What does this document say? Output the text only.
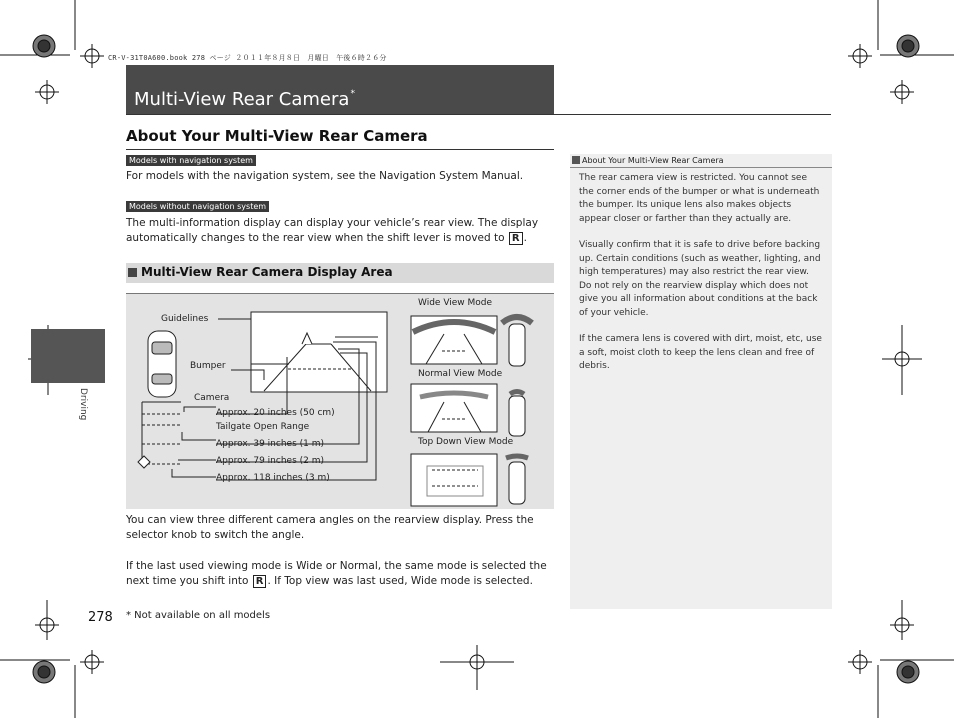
CR-V-31T0A600.book 278 ページ ２０１１年８月８日　月曜日　午後６時２６分
Multi-View Rear Camera*
About Your Multi-View Rear Camera
Models with navigation system
For models with the navigation system, see the Navigation System Manual.
Models without navigation system
The multi-information display can display your vehicle’s rear view. The display automatically changes to the rear view when the shift lever is moved to R .
Multi-View Rear Camera Display Area
Guidelines
Bumper
Camera
Approx. 20 inches (50 cm)
Tailgate Open Range
Approx. 39 inches (1 m)
Approx. 79 inches (2 m)
Approx. 118 inches (3 m)
Wide View Mode
Normal View Mode
Top Down View Mode
You can view three different camera angles on the rearview display. Press the selector knob to switch the angle.
If the last used viewing mode is Wide or Normal, the same mode is selected the next time you shift into R . If Top view was last used, Wide mode is selected.
About Your Multi-View Rear Camera
The rear camera view is restricted. You cannot see the corner ends of the bumper or what is underneath the bumper. Its unique lens also makes objects appear closer or farther than they actually are.
Visually confirm that it is safe to drive before backing up. Certain conditions (such as weather, lighting, and high temperatures) may also restrict the rear view. Do not rely on the rearview display which does not give you all information about conditions at the back of your vehicle.
If the camera lens is covered with dirt, moist, etc, use a soft, moist cloth to keep the lens clean and free of debris.
Driving
278 * Not available on all models
